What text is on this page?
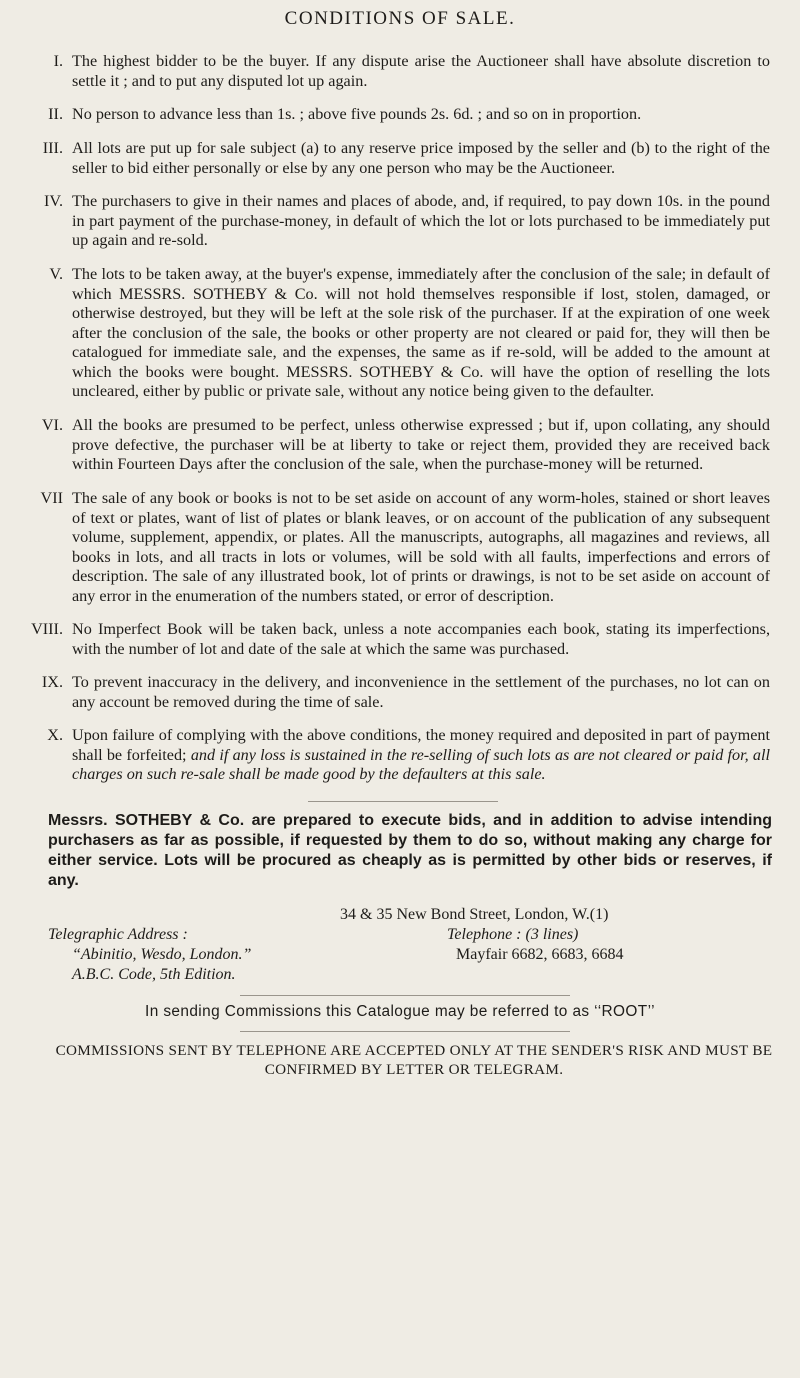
CONDITIONS OF SALE.
I. The highest bidder to be the buyer. If any dispute arise the Auctioneer shall have absolute discretion to settle it ; and to put any disputed lot up again.
II. No person to advance less than 1s. ; above five pounds 2s. 6d. ; and so on in proportion.
III. All lots are put up for sale subject (a) to any reserve price imposed by the seller and (b) to the right of the seller to bid either personally or else by any one person who may be the Auctioneer.
IV. The purchasers to give in their names and places of abode, and, if required, to pay down 10s. in the pound in part payment of the purchase-money, in default of which the lot or lots purchased to be immediately put up again and re-sold.
V. The lots to be taken away, at the buyer's expense, immediately after the conclusion of the sale; in default of which MESSRS. SOTHEBY & Co. will not hold themselves responsible if lost, stolen, damaged, or otherwise destroyed, but they will be left at the sole risk of the purchaser. If at the expiration of one week after the conclusion of the sale, the books or other property are not cleared or paid for, they will then be catalogued for immediate sale, and the expenses, the same as if re-sold, will be added to the amount at which the books were bought. MESSRS. SOTHEBY & Co. will have the option of reselling the lots uncleared, either by public or private sale, without any notice being given to the defaulter.
VI. All the books are presumed to be perfect, unless otherwise expressed ; but if, upon collating, any should prove defective, the purchaser will be at liberty to take or reject them, provided they are received back within Fourteen Days after the conclusion of the sale, when the purchase-money will be returned.
VII The sale of any book or books is not to be set aside on account of any worm-holes, stained or short leaves of text or plates, want of list of plates or blank leaves, or on account of the publication of any subsequent volume, supplement, appendix, or plates. All the manuscripts, autographs, all magazines and reviews, all books in lots, and all tracts in lots or volumes, will be sold with all faults, imperfections and errors of description. The sale of any illustrated book, lot of prints or drawings, is not to be set aside on account of any error in the enumeration of the numbers stated, or error of description.
VIII. No Imperfect Book will be taken back, unless a note accompanies each book, stating its imperfections, with the number of lot and date of the sale at which the same was purchased.
IX. To prevent inaccuracy in the delivery, and inconvenience in the settlement of the purchases, no lot can on any account be removed during the time of sale.
X. Upon failure of complying with the above conditions, the money required and deposited in part of payment shall be forfeited; and if any loss is sustained in the re-selling of such lots as are not cleared or paid for, all charges on such re-sale shall be made good by the defaulters at this sale.
Messrs. SOTHEBY & Co. are prepared to execute bids, and in addition to advise intending purchasers as far as possible, if requested by them to do so, without making any charge for either service. Lots will be procured as cheaply as is permitted by other bids or reserves, if any.
34 & 35 New Bond Street, London, W.(1)
Telegraphic Address :	Telephone : (3 lines)
“Abinitio, Wesdo, London.”	Mayfair 6682, 6683, 6684
A.B.C. Code, 5th Edition.
In sending Commissions this Catalogue may be referred to as ‘‘ROOT’’
COMMISSIONS SENT BY TELEPHONE ARE ACCEPTED ONLY AT THE SENDER'S RISK AND MUST BE CONFIRMED BY LETTER OR TELEGRAM.
